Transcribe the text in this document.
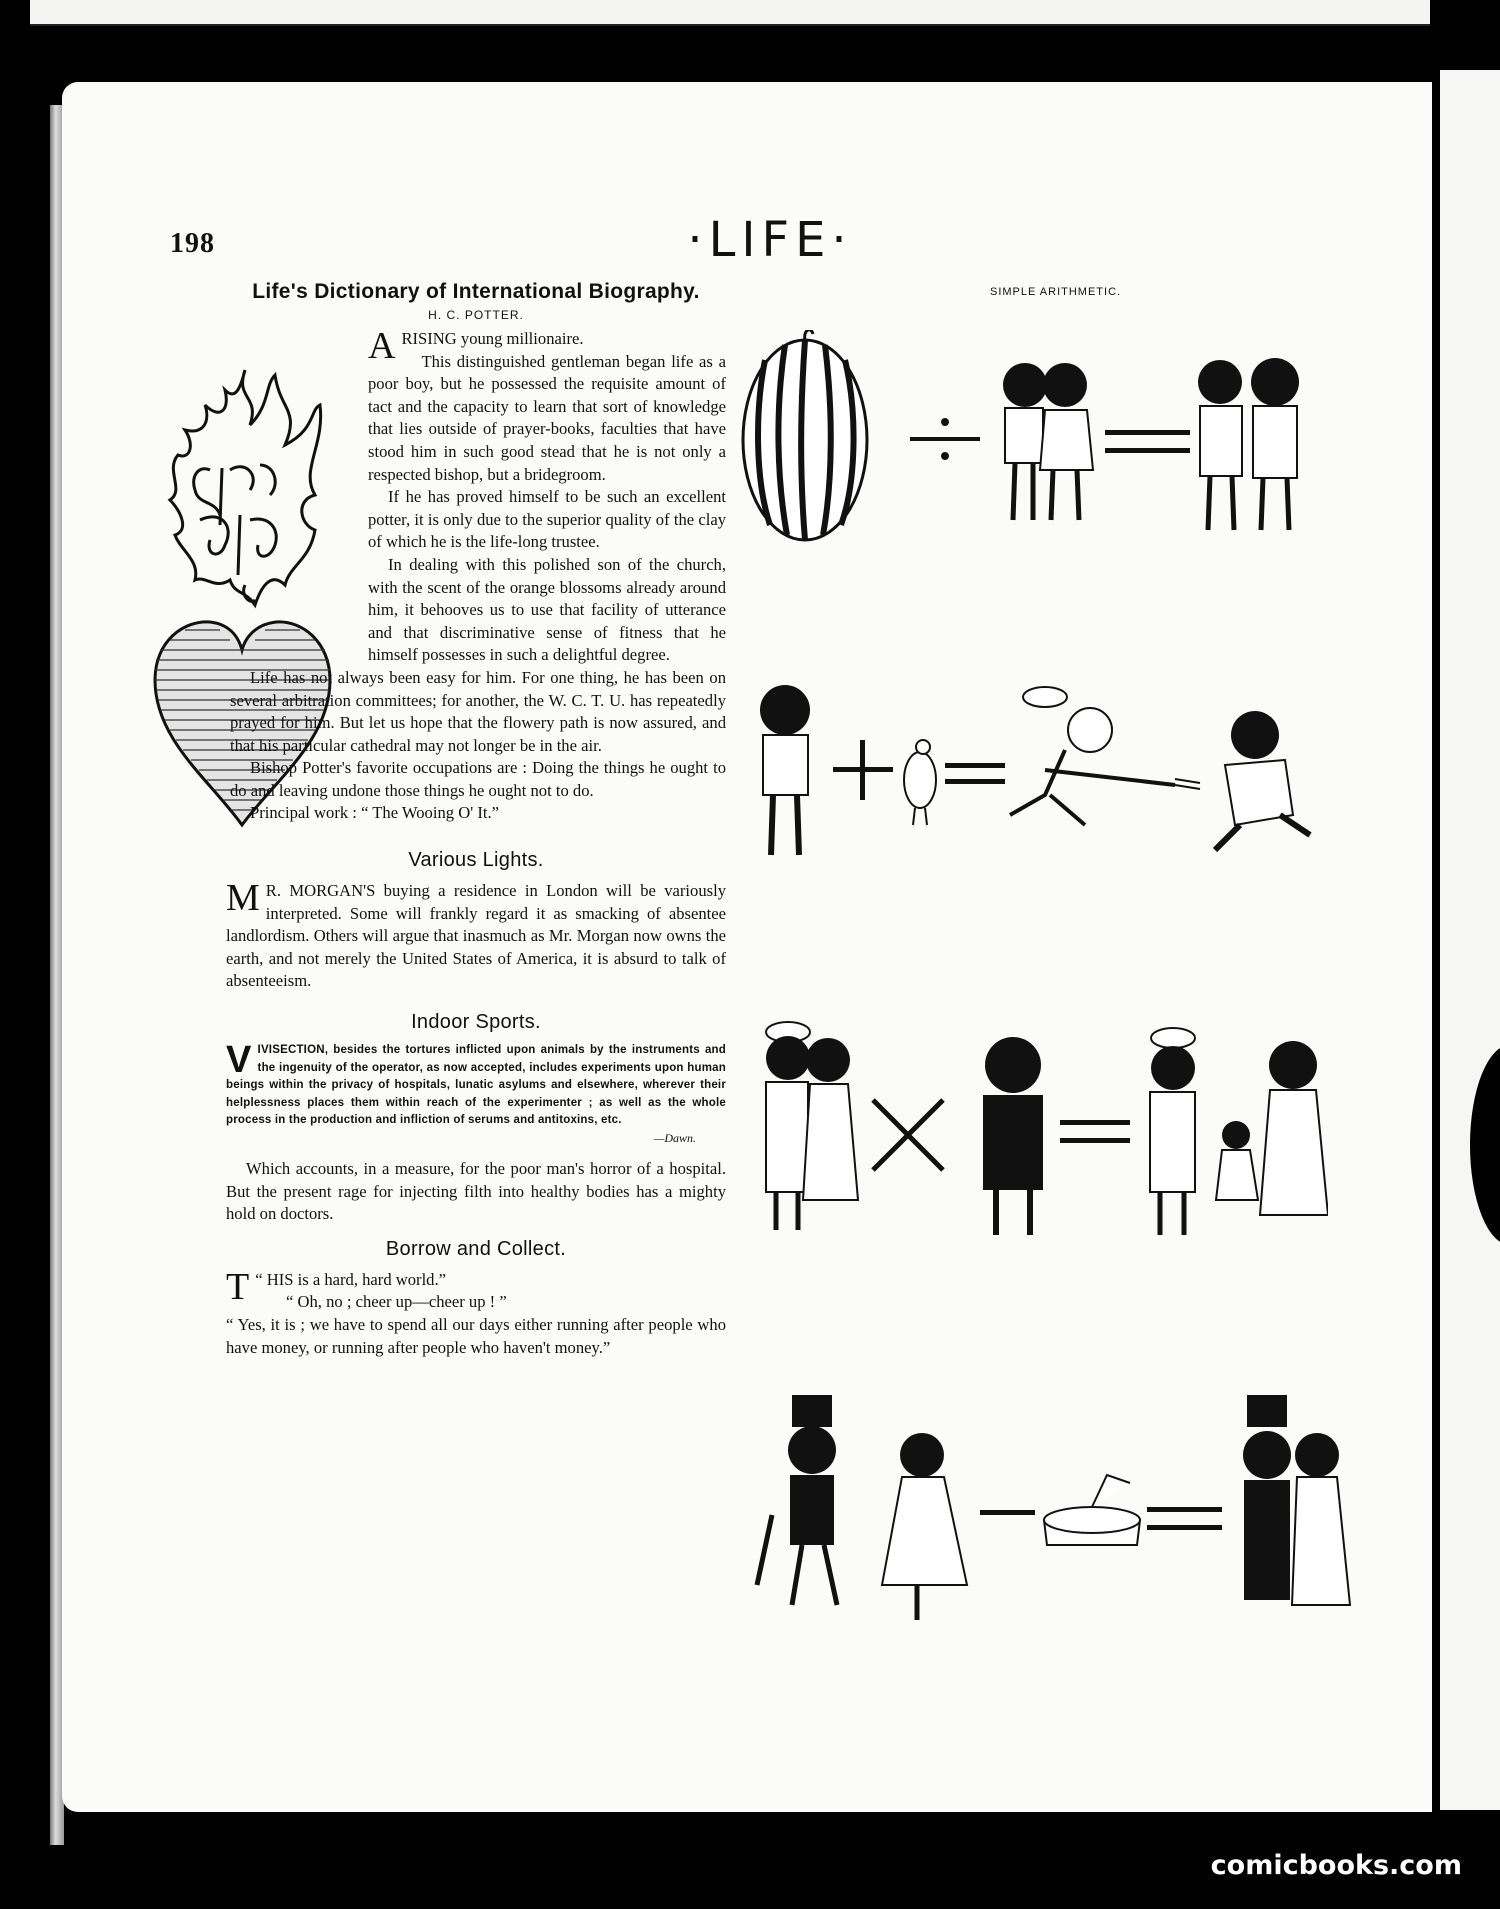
198	·LIFE·
Life's Dictionary of International Biography.
H. C. POTTER.

ARISING young millionaire.

This distinguished gentleman began life as a poor boy, but he possessed the requisite amount of tact and the capacity to learn that sort of knowledge that lies outside of prayer-books, faculties that have stood him in such good stead that he is not only a respected bishop, but a bridegroom.

If he has proved himself to be such an excellent potter, it is only due to the superior quality of the clay of which he is the life-long trustee.

In dealing with this polished son of the church, with the scent of the orange blossoms already around him, it behooves us to use that facility of utterance and that discriminative sense of fitness that he himself possesses in such a delightful degree.

Life has not always been easy for him. For one thing, he has been on several arbitration committees; for another, the W. C. T. U. has repeatedly prayed for him. But let us hope that the flowery path is now assured, and that his particular cathedral may not longer be in the air.

Bishop Potter's favorite occupations are : Doing the things he ought to do and leaving undone those things he ought not to do.

Principal work : “ The Wooing O' It.”

Various Lights.

M R. MORGAN'S buying a residence in London will be variously interpreted. Some will frankly regard it as smacking of absentee landlordism. Others will argue that inasmuch as Mr. Morgan now owns the earth, and not merely the United States of America, it is absurd to talk of absenteeism.

Indoor Sports.

VIVISECTION, besides the tortures inflicted upon animals by the instruments and the ingenuity of the operator, as now accepted, includes experiments upon human beings within the privacy of hospitals, lunatic asylums and elsewhere, wherever their helplessness places them within reach of the experimenter ; as well as the whole process in the production and infliction of serums and antitoxins, etc.

—Dawn.

Which accounts, in a measure, for the poor man's horror of a hospital. But the present rage for injecting filth into healthy bodies has a mighty hold on doctors.

Borrow and Collect.

“
T HIS is a hard, hard world.”

“ Oh, no ; cheer up—cheer up ! ”

“ Yes, it is ; we have to spend all our days either running after people who have money, or running after people who haven't money.”

SIMPLE ARITHMETIC.
comicbooks.com
